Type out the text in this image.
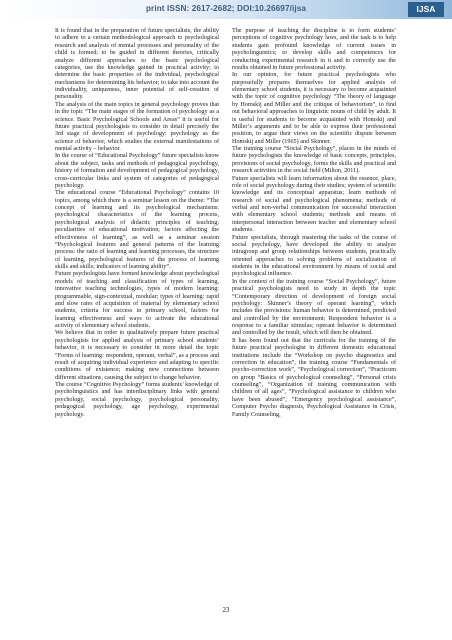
print ISSN: 2617-2682; DOI:10.26697/ijsa	IJSA

It is found that in the preparation of future specialists, the ability to adhere to a certain methodological approach to psychological research and analysis of mental processes and personality of the child is formed; to be guided in different theories, critically analyze different approaches to the basic psychological categories, use the knowledge gained in practical activity; to determine the basic properties of the individual, psychological mechanisms for determining his behavior; to take into account the individuality, uniqueness, inner potential of self-creation of personality.

The analysis of the main topics in general psychology proves that in the topic “The main stages of the formation of psychology as a science. Basic Psychological Schools and Areas” it is useful for future practical psychologists to consider in detail precisely the 3rd stage of development of psychology: psychology as the science of behavior, which studies the external manifestations of mental activity – behavior.

In the course of “Educational Psychology” future specialists know about the subject, tasks and methods of pedagogical psychology, history of formation and development of pedagogical psychology, cross-curricular links and system of categories of pedagogical psychology.

The educational course “Educational Psychology” contains 10 topics, among which there is a seminar lesson on the theme: “The concept of learning and its psychological mechanisms: psychological characteristics of the learning process, psychological analysis of didactic principles of teaching; peculiarities of educational motivation; factors affecting the effectiveness of learning”, as well as a seminar session “Psychological features and general patterns of the learning process: the ratio of learning and learning processes, the structure of learning, psychological features of the process of learning skills and skills; indicators of learning ability”.

Future psychologists have formed knowledge about psychological models of teaching and classification of types of learning, innovative teaching technologies, types of modern learning: programmable, sign-contextual, modular; types of learning: rapid and slow rates of acquisition of material by elementary school students, criteria for success in primary school, factors for learning effectiveness and ways to activate the educational activity of elementary school students.

We believe that in order to qualitatively prepare future practical psychologists for applied analysis of primary school students’ behavior, it is necessary to consider in more detail the topic “Forms of learning: respondent, operant, verbal”, as a process and result of acquiring individual experience and adapting to specific conditions of existence; making new connections between different situations, causing the subject to change behavior.

The course “Cognitive Psychology” forms students’ knowledge of psycholinguistics and has interdisciplinary links with general psychology, social psychology, psychological personality, pedagogical psychology, age psychology, experimental psychology.

The purpose of teaching the discipline is to form students’ perceptions of cognitive psychology laws, and the task is to help students gain profound knowledge of current issues in psycholinguistics; to develop skills and competences for conducting experimental research in it and to correctly use the results obtained in future professional activity.

In our opinion, for future practical psychologists who purposefully prepares themselves for applied analysis of elementary school students, it is necessary to become acquainted with the topic of cognitive psychology “The theory of language by Homskij and Miller and the critique of behaviorism”, to find out behavioral approaches to linguistic nouns of child by adult. It is useful for students to become acquainted with Homskij and Miller’s arguments and to be able to express their professional position, to argue their views on the scientific dispute between Homskij and Miller (1965) and Skinner.

The training course “Social Psychology”, places in the minds of future psychologists the knowledge of basic concepts, principles, provisions of social psychology, forms the skills and practical and research activities in the social field (Milton, 2011).

Future specialists will learn information about the essence, place, role of social psychology during their studies; system of scientific knowledge and its conceptual apparatus; learn methods of research of social and psychological phenomena; methods of verbal and non-verbal communication for successful interaction with elementary school students; methods and means of interpersonal interaction between teacher and elementary school students.

Future specialists, through mastering the tasks of the course of social psychology, have developed the ability to analyze intragroup and group relationships between students, practically oriented approaches to solving problems of socialization of students in the educational environment by means of social and psychological influence.

In the context of the training course “Social Psychology”, future practical psychologists need to study in depth the topic “Contemporary direction of development of foreign social psychology: Skinner’s theory of operant learning”, which includes the provisions: human behavior is determined, predicted and controlled by the environment; Respondent behavior is a response to a familiar stimulus; operant behavior is determined and controlled by the result, which will then be obtained.

It has been found out that the curricula for the training of the future practical psychologist in different domestic educational institutions include the “Workshop on psycho diagnostics and correction in education”, the training course “Fundamentals of psycho-correction work”, “Psychological correction”, “Practicum on group “Basics of psychological counseling”, “Personal crisis counseling”, “Organization of training communication with children of all ages”, “Psychological assistance to children who have been abused”, “Emergency psychological assistance”, Computer Psycho diagnosis, Psychological Assistance in Crisis, Family Counseling,

23
